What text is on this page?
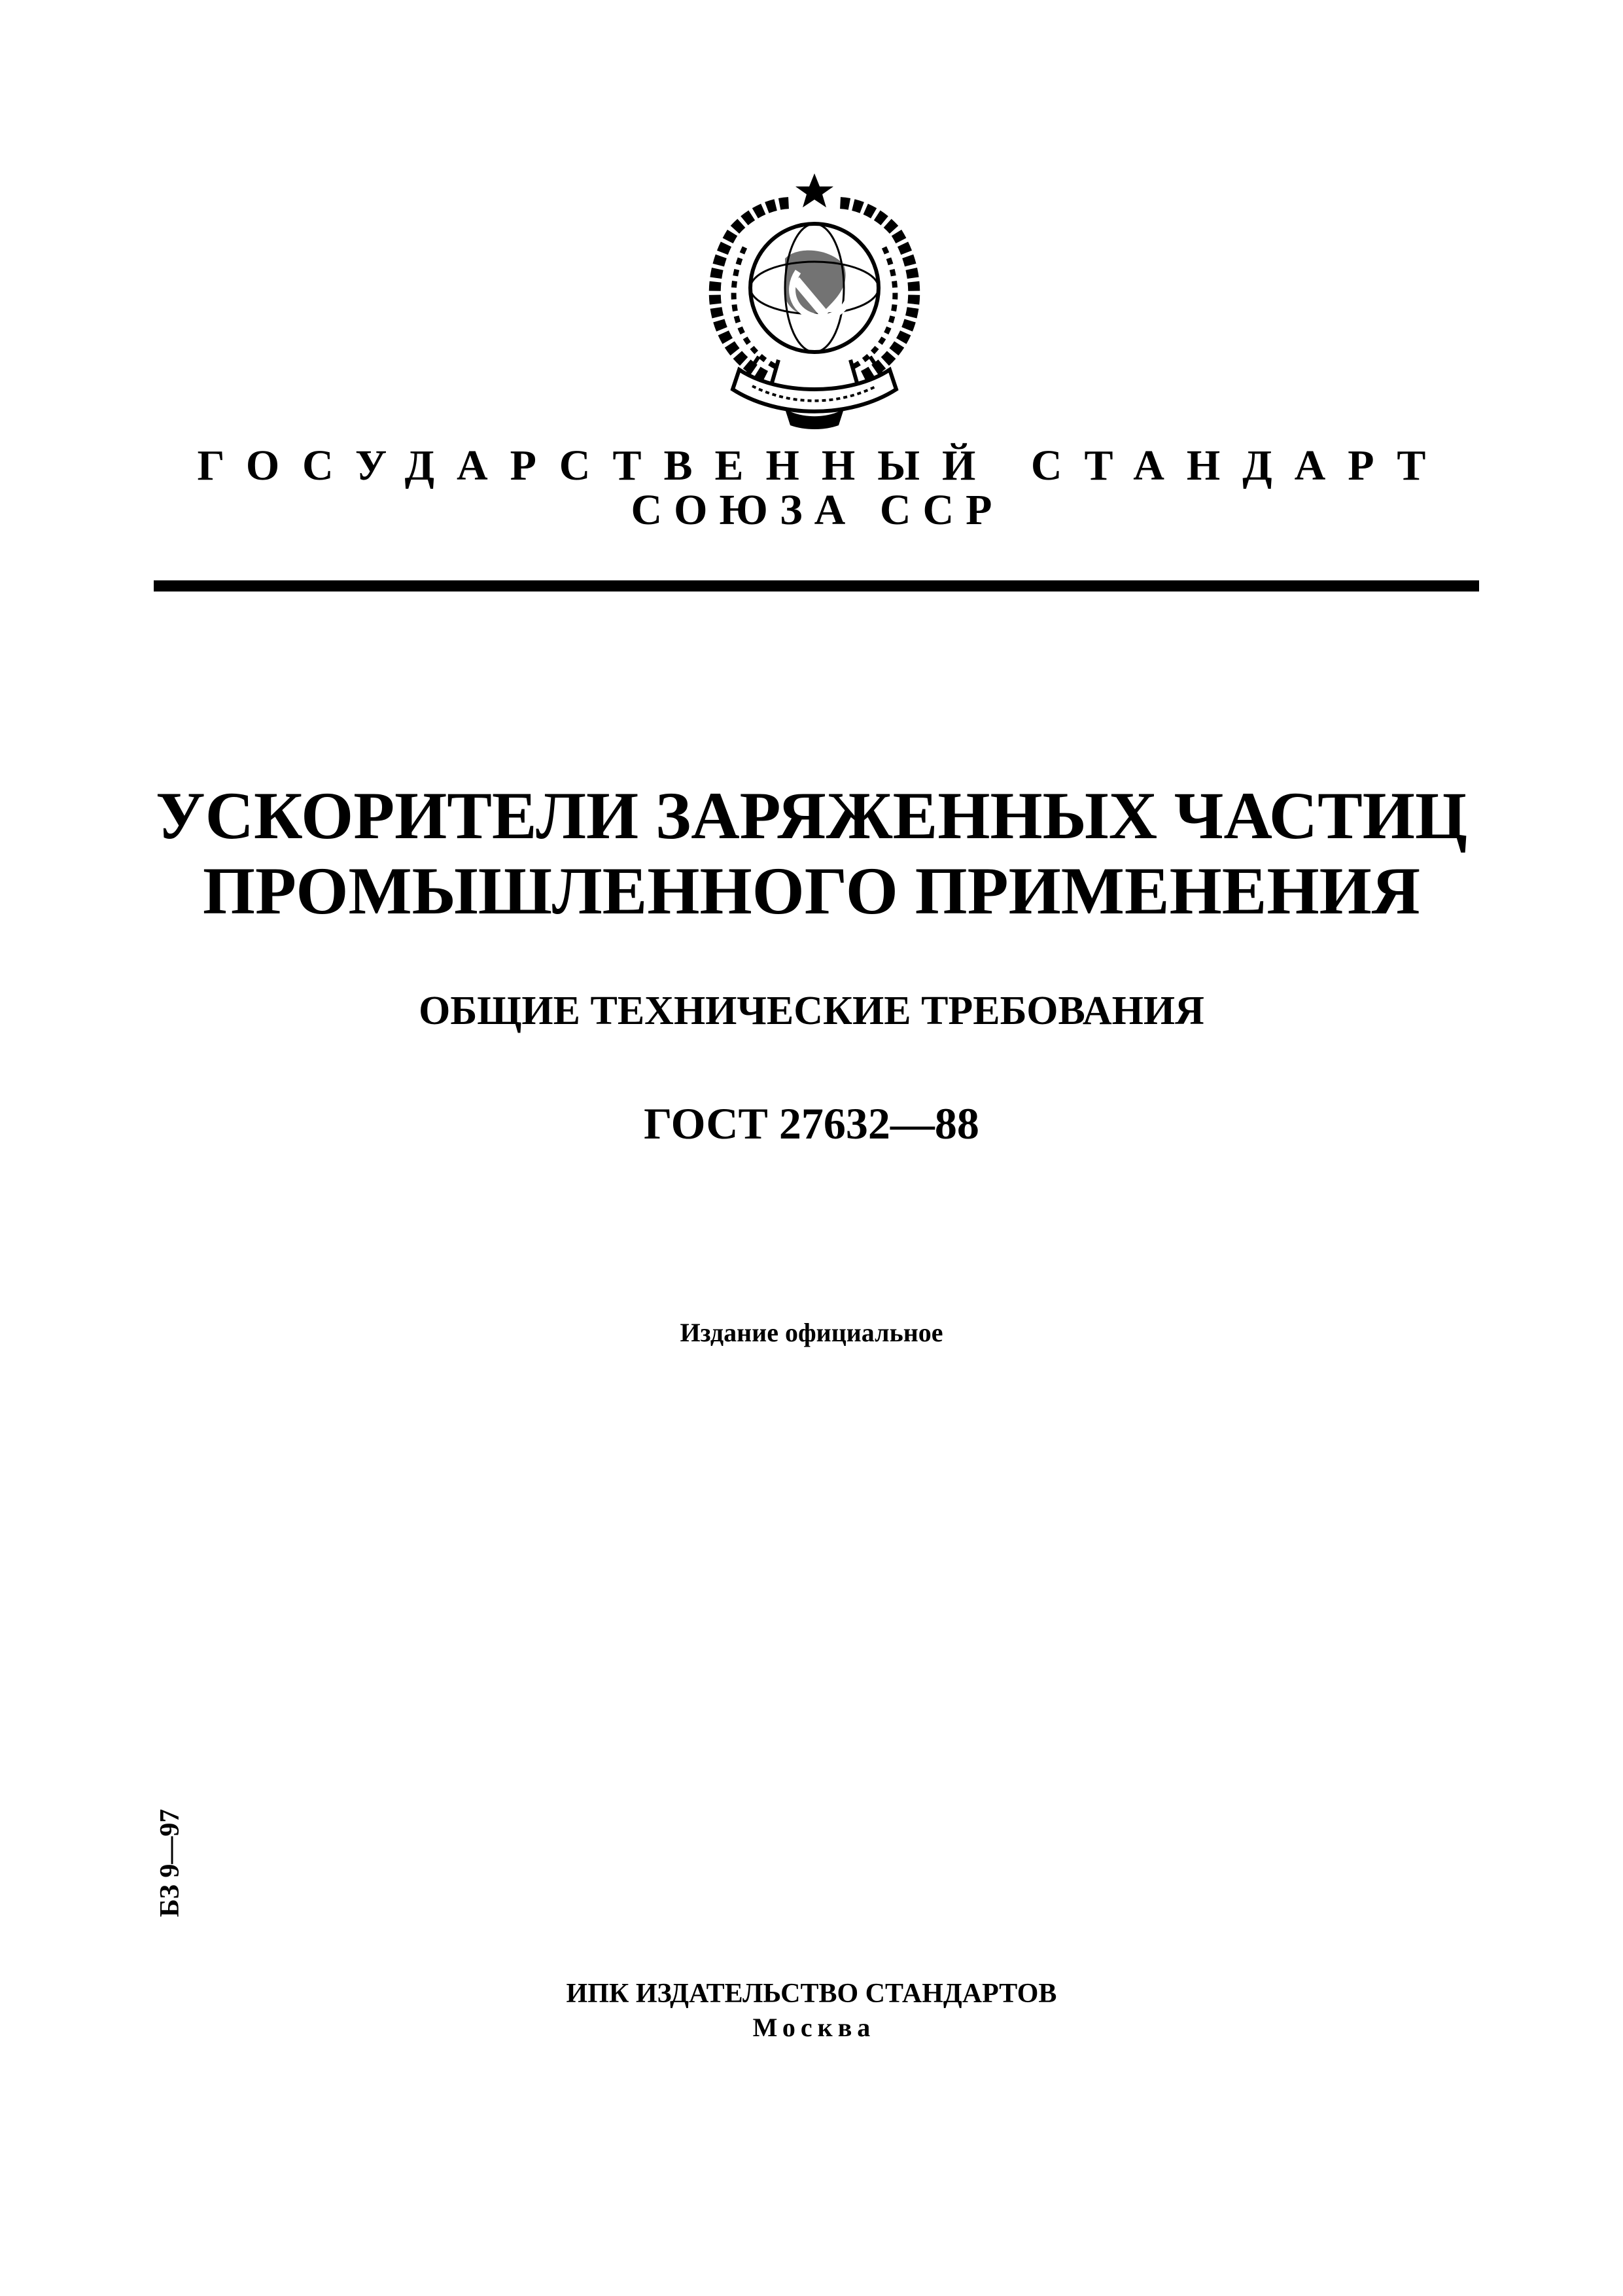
ГОСУДАРСТВЕННЫЙ СТАНДАРТ
СОЮЗА ССР
УСКОРИТЕЛИ ЗАРЯЖЕННЫХ ЧАСТИЦ
ПРОМЫШЛЕННОГО ПРИМЕНЕНИЯ
ОБЩИЕ ТЕХНИЧЕСКИЕ ТРЕБОВАНИЯ
ГОСТ 27632—88
Издание официальное
БЗ 9—97
ИПК ИЗДАТЕЛЬСТВО СТАНДАРТОВ
Москва
